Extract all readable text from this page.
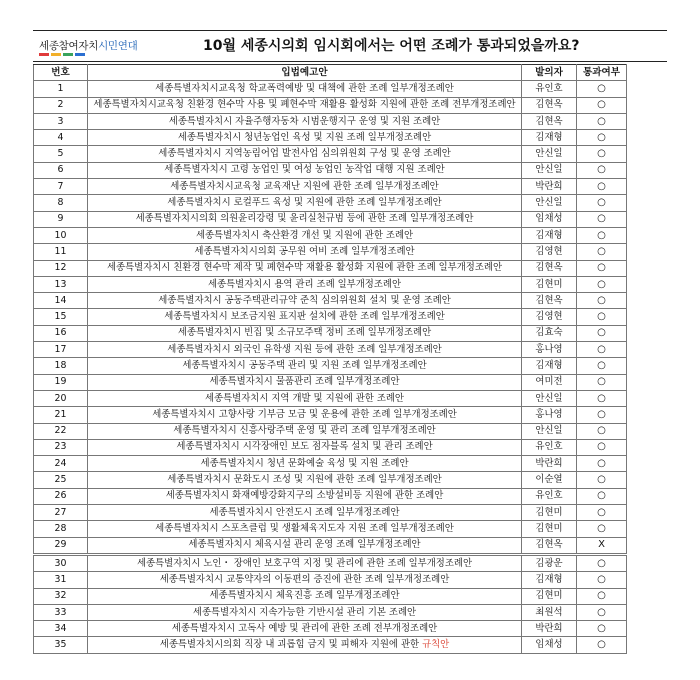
세종참여자치시민연대	10월 세종시의회 임시회에서는 어떤 조례가 통과되었을까요?
번호	입법예고안	발의자	통과여부
1	세종특별자치시교육청 학교폭력예방 및 대책에 관한 조례 일부개정조례안	유인호	○
2	세종특별자치시교육청 친환경 현수막 사용 및 폐현수막 재활용 활성화 지원에 관한 조례 전부개정조례안	김현옥	○
3	세종특별자치시 자율주행자동차 시범운행지구 운영 및 지원 조례안	김현옥	○
4	세종특별자치시 청년농업인 육성 및 지원 조례 일부개정조례안	김재형	○
5	세종특별자치시 지역농림어업 발전사업 심의위원회 구성 및 운영 조례안	안신일	○
6	세종특별자치시 고령 농업인 및 여성 농업인 농작업 대행 지원 조례안	안신일	○
7	세종특별자치시교육청 교육재난 지원에 관한 조례 일부개정조례안	박란희	○
8	세종특별자치시 로컬푸드 육성 및 지원에 관한 조례 일부개정조례안	안신일	○
9	세종특별자치시의회 의원윤리강령 및 윤리실천규범 등에 관한 조례 일부개정조례안	임채성	○
10	세종특별자치시 축산환경 개선 및 지원에 관한 조례안	김재형	○
11	세종특별자치시의회 공무원 여비 조례 일부개정조례안	김영현	○
12	세종특별자치시 친환경 현수막 제작 및 폐현수막 재활용 활성화 지원에 관한 조례 일부개정조례안	김현옥	○
13	세종특별자치시 용역 관리 조례 일부개정조례안	김현미	○
14	세종특별자치시 공동주택관리규약 준칙 심의위원회 설치 및 운영 조례안	김현옥	○
15	세종특별자치시 보조금지원 표지판 설치에 관한 조례 일부개정조례안	김영현	○
16	세종특별자치시 빈집 및 소규모주택 정비 조례 일부개정조례안	김효숙	○
17	세종특별자치시 외국인 유학생 지원 등에 관한 조례 일부개정조례안	홍나영	○
18	세종특별자치시 공동주택 관리 및 지원 조례 일부개정조례안	김재형	○
19	세종특별자치시 물품관리 조례 일부개정조례안	여미전	○
20	세종특별자치시 지역 개발 및 지원에 관한 조례안	안신일	○
21	세종특별자치시 고향사랑 기부금 모금 및 운용에 관한 조례 일부개정조례안	홍나영	○
22	세종특별자치시 신흥사랑주택 운영 및 관리 조례 일부개정조례안	안신일	○
23	세종특별자치시 시각장애인 보도 점자블록 설치 및 관리 조례안	유인호	○
24	세종특별자치시 청년 문화예술 육성 및 지원 조례안	박란희	○
25	세종특별자치시 문화도시 조성 및 지원에 관한 조례 일부개정조례안	이순열	○
26	세종특별자치시 화재예방강화지구의 소방설비등 지원에 관한 조례안	유인호	○
27	세종특별자치시 안전도시 조례 일부개정조례안	김현미	○
28	세종특별자치시 스포츠클럽 및 생활체육지도자 지원 조례 일부개정조례안	김현미	○
29	세종특별자치시 체육시설 관리 운영 조례 일부개정조례안	김현옥	X
30	세종특별자치시 노인・ 장애인 보호구역 지정 및 관리에 관한 조례 일부개정조례안	김광운	○
31	세종특별자치시 교통약자의 이동편의 증진에 관한 조례 일부개정조례안	김재형	○
32	세종특별자치시 체육진흥 조례 일부개정조례안	김현미	○
33	세종특별자치시 지속가능한 기반시설 관리 기본 조례안	최원석	○
34	세종특별자치시 고독사 예방 및 관리에 관한 조례 전부개정조례안	박란희	○
35	세종특별자치시의회 직장 내 괴롭힘 금지 및 피해자 지원에 관한 규칙안	임채성	○
